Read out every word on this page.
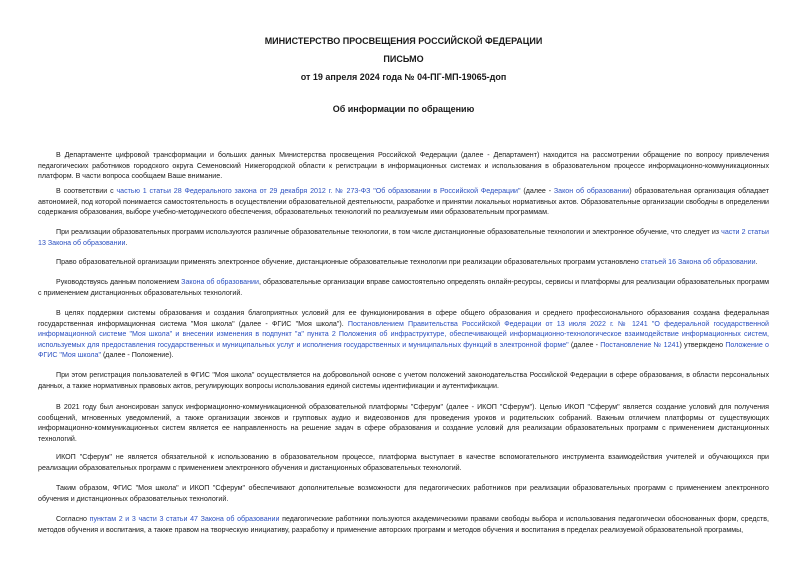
МИНИСТЕРСТВО ПРОСВЕЩЕНИЯ РОССИЙСКОЙ ФЕДЕРАЦИИ
ПИСЬМО
от 19 апреля 2024 года № 04-ПГ-МП-19065-доп
Об информации по обращению

В Департаменте цифровой трансформации и больших данных Министерства просвещения Российской Федерации (далее - Департамент) находится на рассмотрении обращение по вопросу привлечения педагогических работников городского округа Семеновский Нижегородской области к регистрации в информационных системах и использования в образовательном процессе информационно-коммуникационных платформ. В части вопроса сообщаем Ваше внимание.

В соответствии с частью 1 статьи 28 Федерального закона от 29 декабря 2012 г. № 273-ФЗ "Об образовании в Российской Федерации" (далее - Закон об образовании) образовательная организация обладает автономией, под которой понимается самостоятельность в осуществлении образовательной деятельности, разработке и принятии локальных нормативных актов. Образовательные организации свободны в определении содержания образования, выборе учебно-методического обеспечения, образовательных технологий по реализуемым ими образовательным программам.

При реализации образовательных программ используются различные образовательные технологии, в том числе дистанционные образовательные технологии и электронное обучение, что следует из части 2 статьи 13 Закона об образовании.

Право образовательной организации применять электронное обучение, дистанционные образовательные технологии при реализации образовательных программ установлено статьей 16 Закона об образовании.

Руководствуясь данным положением Закона об образовании, образовательные организации вправе самостоятельно определять онлайн-ресурсы, сервисы и платформы для реализации образовательных программ с применением дистанционных образовательных технологий.

В целях поддержки системы образования и создания благоприятных условий для ее функционирования в сфере общего образования и среднего профессионального образования создана федеральная государственная информационная система "Моя школа" (далее - ФГИС "Моя школа"). Постановлением Правительства Российской Федерации от 13 июля 2022 г. № 1241 "О федеральной государственной информационной системе "Моя школа" и внесении изменения в подпункт "а" пункта 2 Положения об инфраструктуре, обеспечивающей информационно-технологическое взаимодействие информационных систем, используемых для предоставления государственных и муниципальных услуг и исполнения государственных и муниципальных функций в электронной форме" (далее - Постановление № 1241) утверждено Положение о ФГИС "Моя школа" (далее - Положение).

При этом регистрация пользователей в ФГИС "Моя школа" осуществляется на добровольной основе с учетом положений законодательства Российской Федерации в сфере образования, в области персональных данных, а также нормативных правовых актов, регулирующих вопросы использования единой системы идентификации и аутентификации.

В 2021 году был анонсирован запуск информационно-коммуникационной образовательной платформы "Сферум" (далее - ИКОП "Сферум"). Целью ИКОП "Сферум" является создание условий для получения сообщений, мгновенных уведомлений, а также организации звонков и групповых аудио и видеозвонков для проведения уроков и родительских собраний. Важным отличием платформы от существующих информационно-коммуникационных систем является ее направленность на решение задач в сфере образования и создание условий для реализации образовательных программ с применением дистанционных технологий.

ИКОП "Сферум" не является обязательной к использованию в образовательном процессе, платформа выступает в качестве вспомогательного инструмента взаимодействия учителей и обучающихся при реализации образовательных программ с применением электронного обучения и дистанционных образовательных технологий.

Таким образом, ФГИС "Моя школа" и ИКОП "Сферум" обеспечивают дополнительные возможности для педагогических работников при реализации образовательных программ с применением электронного обучения и дистанционных образовательных технологий.

Согласно пунктам 2 и 3 части 3 статьи 47 Закона об образовании педагогические работники пользуются академическими правами свободы выбора и использования педагогически обоснованных форм, средств, методов обучения и воспитания, а также правом на творческую инициативу, разработку и применение авторских программ и методов обучения и воспитания в пределах реализуемой образовательной программы,
